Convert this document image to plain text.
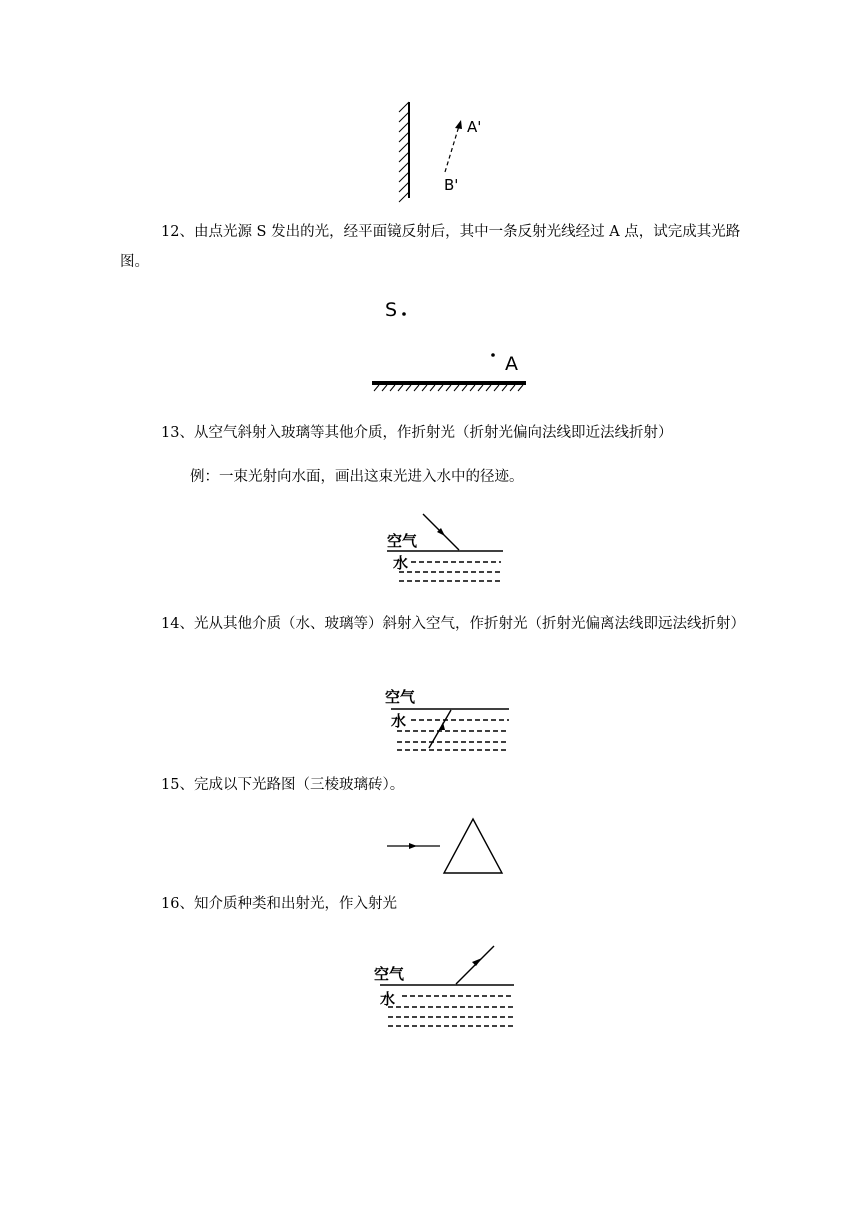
A'
B'
12、由点光源 S 发出的光，经平面镜反射后，其中一条反射光线经过 A 点，试完成其光路图。
S
A
13、从空气斜射入玻璃等其他介质，作折射光（折射光偏向法线即近法线折射）
例：一束光射向水面，画出这束光进入水中的径迹。
空气
水
14、光从其他介质（水、玻璃等）斜射入空气，作折射光（折射光偏离法线即远法线折射）
空气
水
15、完成以下光路图（三棱玻璃砖）。
16、知介质种类和出射光，作入射光
空气
水
